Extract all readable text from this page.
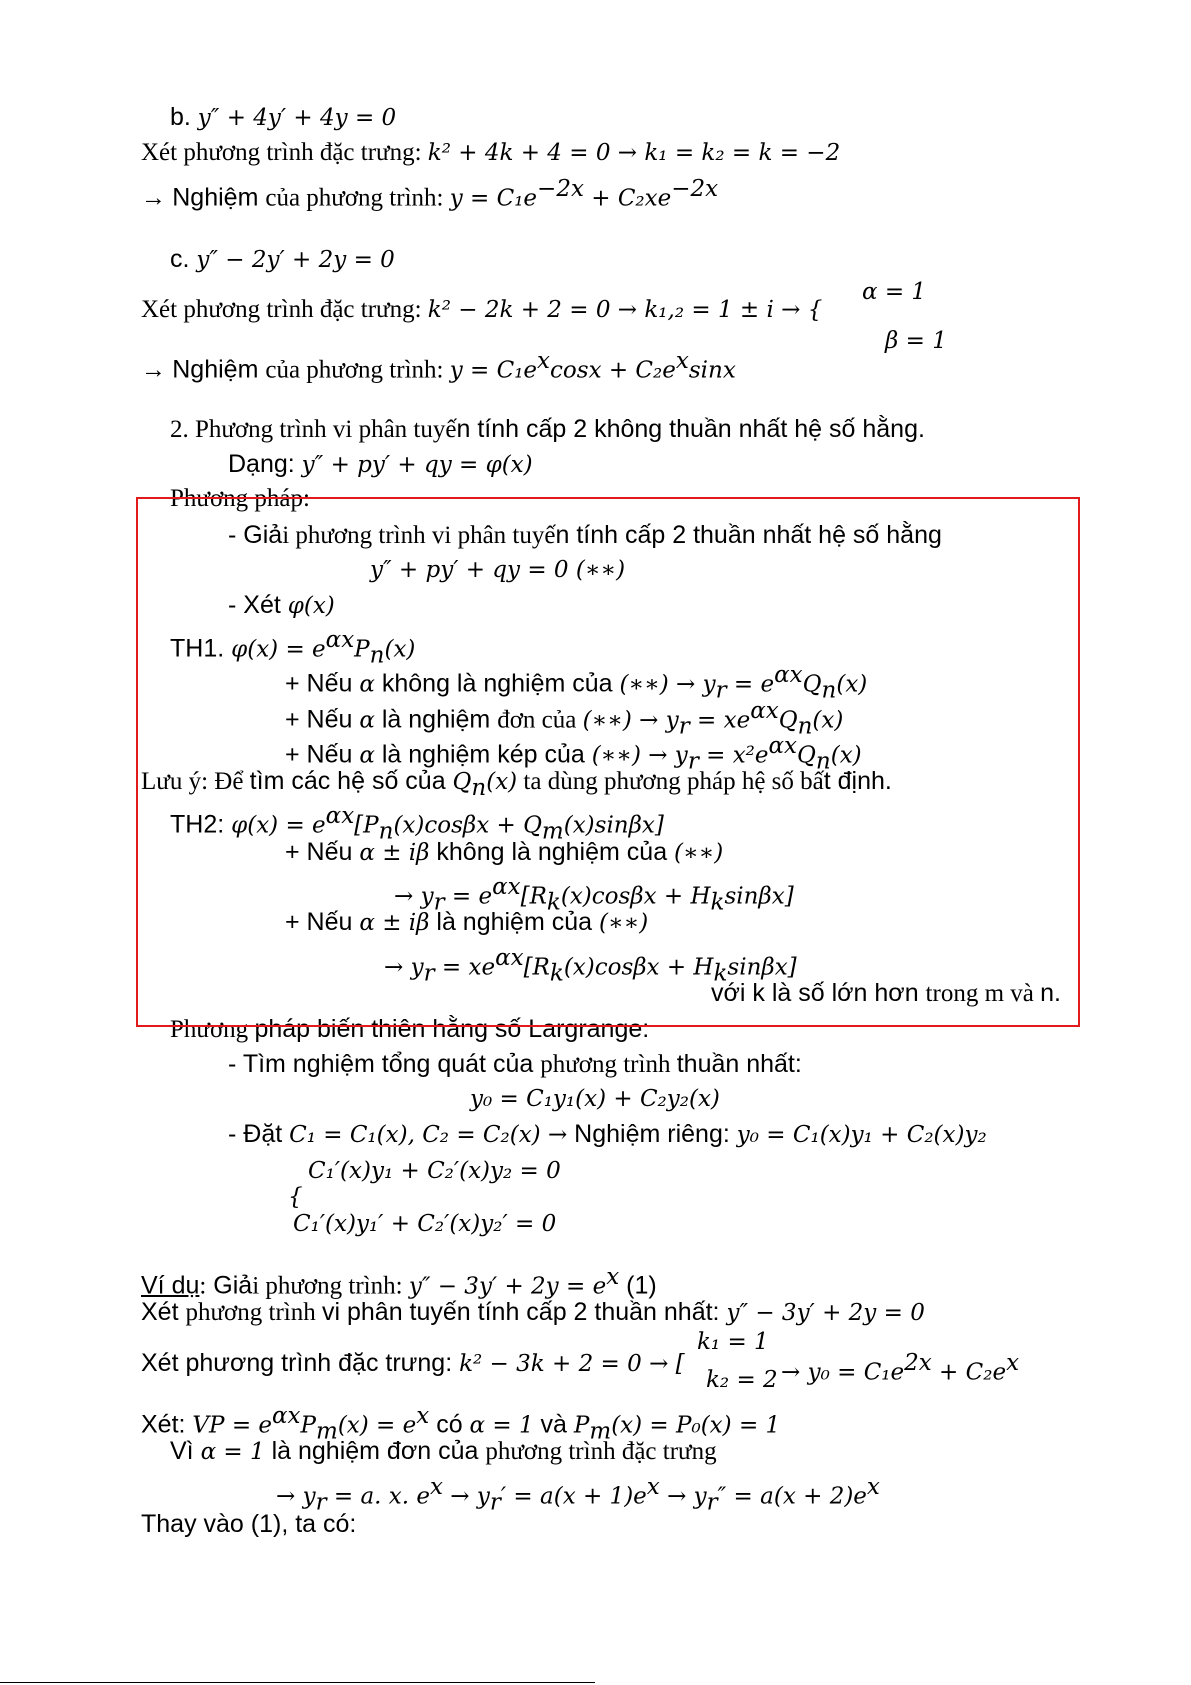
b. y″ + 4y′ + 4y = 0
Xét phương trình đặc trưng: k² + 4k + 4 = 0 → k₁ = k₂ = k = −2
→ Nghiệm của phương trình: $y = C_1e^{-2x} + C_2xe^{-2x}$
c. y″ − 2y′ + 2y = 0
Xét phương trình đặc trưng: k² − 2k + 2 = 0 → k₁,₂ = 1 ± i → {
α = 1
β = 1
→ Nghiệm của phương trình: $y = C_1e^x\cos x + C_2e^x\sin x$
2. Phương trình vi phân tuyến tính cấp 2 không thuần nhất hệ số hằng.
Dạng: y″ + py′ + qy = φ(x)
Phương pháp:
- Giải phương trình vi phân tuyến tính cấp 2 thuần nhất hệ số hằng
y″ + py′ + qy = 0 (∗∗)
- Xét φ(x)
TH1. $\varphi(x) = e^{\alpha x}P_n(x)$
+ Nếu α không là nghiệm của (∗∗) → $y_r = e^{\alpha x}Q_n(x)$
+ Nếu α là nghiệm đơn của (∗∗) → $y_r = xe^{\alpha x}Q_n(x)$
+ Nếu α là nghiệm kép của (∗∗) → $y_r = x^2e^{\alpha x}Q_n(x)$
Lưu ý: Để tìm các hệ số của $Q_n(x)$ ta dùng phương pháp hệ số bất định.
TH2: $\varphi(x) = e^{\alpha x}[P_n(x)\cos\beta x + Q_m(x)\sin\beta x]$
+ Nếu α ± iβ không là nghiệm của (∗∗)
→ $y_r = e^{\alpha x}[R_k(x)\cos\beta x + H_k\sin\beta x]$
+ Nếu α ± iβ là nghiệm của (∗∗)
→ $y_r = xe^{\alpha x}[R_k(x)\cos\beta x + H_k\sin\beta x]$
với k là số lớn hơn trong m và n.
Phương pháp biến thiên hằng số Largrange:
- Tìm nghiệm tổng quát của phương trình thuần nhất:
y₀ = C₁y₁(x) + C₂y₂(x)
- Đặt C₁ = C₁(x), C₂ = C₂(x) → Nghiệm riêng: y₀ = C₁(x)y₁ + C₂(x)y₂
C₁′(x)y₁ + C₂′(x)y₂ = 0
{
C₁′(x)y₁′ + C₂′(x)y₂′ = 0
Ví dụ: Giải phương trình: $y'' - 3y' + 2y = e^x$ (1)
Xét phương trình vi phân tuyến tính cấp 2 thuần nhất: y″ − 3y′ + 2y = 0
k₁ = 1
Xét phương trình đặc trưng: k² − 3k + 2 = 0 → [	→ $y_0 = C_1e^{2x} + C_2e^x$
k₂ = 2
Xét: VP = $e^{\alpha x}P_m(x) = e^x$ có α = 1 và $P_m(x) = P_0(x) = 1$
Vì α = 1 là nghiệm đơn của phương trình đặc trưng
→ $y_r = a$. x. $e^x \to y_r' = a(x + 1)e^x \to y_r'' = a(x + 2)e^x$
Thay vào (1), ta có:
